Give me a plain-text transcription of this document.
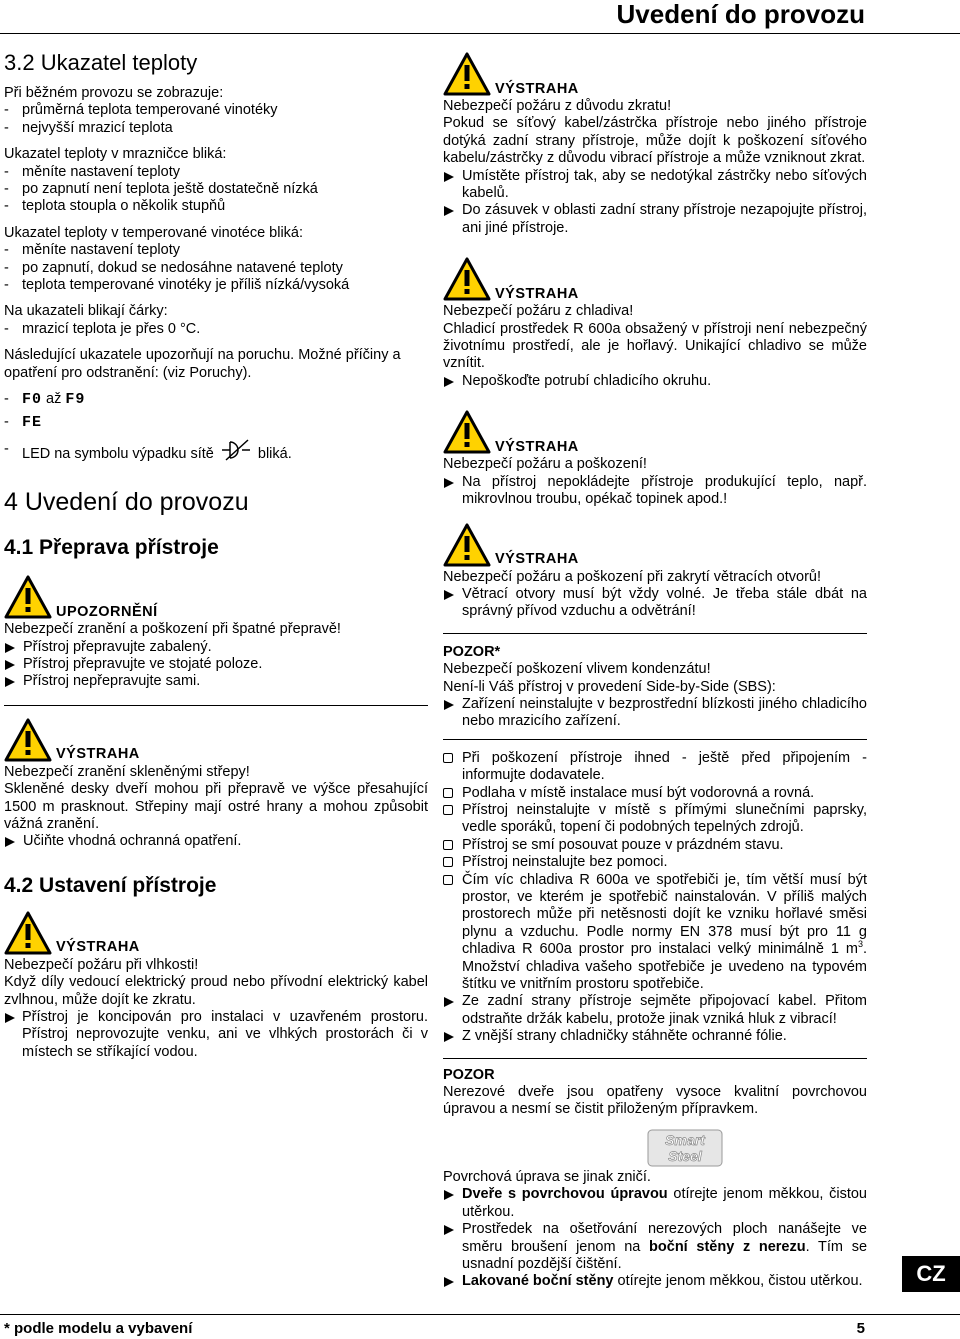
Uvedení do provozu
3.2 Ukazatel teploty

Při běžném provozu se zobrazuje:

- průměrná teplota temperované vinotéky
- nejvyšší mrazicí teplota

Ukazatel teploty v mrazničce bliká:

- měníte nastavení teploty
- po zapnutí není teplota ještě dostatečně nízká
- teplota stoupla o několik stupňů

Ukazatel teploty v temperované vinotéce bliká:

- měníte nastavení teploty
- po zapnutí, dokud se nedosáhne natavené teploty
- teplota temperované vinotéky je příliš nízká/vysoká

Na ukazateli blikají čárky:

- mrazicí teplota je přes 0 °C.

Následující ukazatele upozorňují na poruchu. Možné příčiny a opatření pro odstranění: (viz Poruchy).

- F0 až F9
- FE
- LED na symbolu výpadku sítě	bliká.
4 Uvedení do provozu
4.1 Přeprava přístroje
UPOZORNĚNÍ

Nebezpečí zranění a poškození při špatné přepravě!

Přístroj přepravujte zabalený.
Přístroj přepravujte ve stojaté poloze.
Přístroj nepřepravujte sami.
VÝSTRAHA

Nebezpečí zranění skleněnými střepy!

Skleněné desky dveří mohou při přepravě ve výšce přesahující 1500 m prasknout. Střepiny mají ostré hrany a mohou způsobit vážná zranění.

Učiňte vhodná ochranná opatření.
4.2 Ustavení přístroje
VÝSTRAHA

Nebezpečí požáru při vlhkosti!

Když díly vedoucí elektrický proud nebo přívodní elektrický kabel zvlhnou, může dojít ke zkratu.

Přístroj je koncipován pro instalaci v uzavřeném prostoru. Přístroj neprovozujte venku, ani ve vlhkých prostorách či v místech se stříkající vodou.
VÝSTRAHA

Nebezpečí požáru z důvodu zkratu!

Pokud se síťový kabel/zástrčka přístroje nebo jiného přístroje dotýká zadní strany přístroje, může dojít k poškození síťového kabelu/zástrčky z důvodu vibrací přístroje a může vzniknout zkrat.

Umístěte přístroj tak, aby se nedotýkal zástrčky nebo síťových kabelů.
Do zásuvek v oblasti zadní strany přístroje nezapojujte přístroj, ani jiné přístroje.
VÝSTRAHA

Nebezpečí požáru z chladiva!

Chladicí prostředek R 600a obsažený v přístroji není nebezpečný životnímu prostředí, ale je hořlavý. Unikající chladivo se může vznítit.

Nepoškoďte potrubí chladicího okruhu.
VÝSTRAHA

Nebezpečí požáru a poškození!

Na přístroj nepokládejte přístroje produkující teplo, např. mikrovlnou troubu, opékač topinek apod.!
VÝSTRAHA

Nebezpečí požáru a poškození při zakrytí větracích otvorů!

Větrací otvory musí být vždy volné. Je třeba stále dbát na správný přívod vzduchu a odvětrání!

POZOR*

Nebezpečí poškození vlivem kondenzátu!

Není-li Váš přístroj v provedení Side-by-Side (SBS):

Zařízení neinstalujte v bezprostřední blízkosti jiného chladicího nebo mrazicího zařízení.
Při poškození přístroje ihned - ještě před připojením - informujte dodavatele.
Podlaha v místě instalace musí být vodorovná a rovná.
Přístroj neinstalujte v místě s přímými slunečními paprsky, vedle sporáků, topení či podobných tepelných zdrojů.
Přístroj se smí posouvat pouze v prázdném stavu.
Přístroj neinstalujte bez pomoci.
Čím víc chladiva R 600a ve spotřebiči je, tím větší musí být prostor, ve kterém je spotřebič nainstalován. V příliš malých prostorech může při netěsnosti dojít ke vzniku hořlavé směsi plynu a vzduchu. Podle normy EN 378 musí být pro 11 g chladiva R 600a prostor pro instalaci velký minimálně 1 $m^3$. Množství chladiva vašeho spotřebiče je uvedeno na typovém štítku ve vnitřním prostoru spotřebiče.
Ze zadní strany přístroje sejměte připojovací kabel. Přitom odstraňte držák kabelu, protože jinak vzniká hluk z vibrací!
Z vnější strany chladničky stáhněte ochranné fólie.

POZOR

Nerezové dveře jsou opatřeny vysoce kvalitní povrchovou úpravou a nesmí se čistit přiloženým přípravkem.

Smart
Steel

Povrchová úprava se jinak zničí.

Dveře s povrchovou úpravou otírejte jenom měkkou, čistou utěrkou.
Prostředek na ošetřování nerezových ploch nanášejte ve směru broušení jenom na boční stěny z nerezu. Tím se usnadní pozdější čištění.
Lakované boční stěny otírejte jenom měkkou, čistou utěrkou.	CZ
* podle modelu a vybavení	5
